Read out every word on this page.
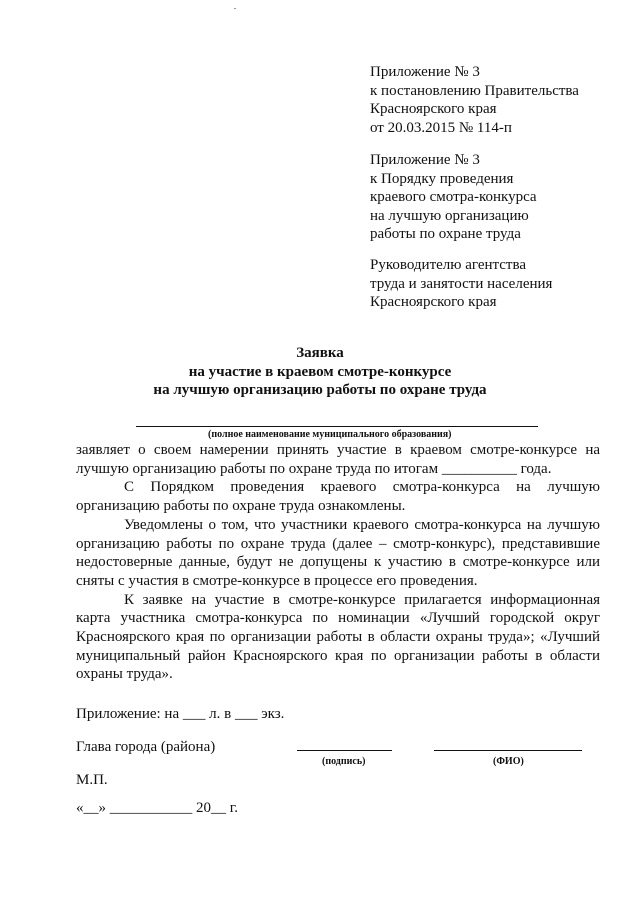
Приложение № 3
к постановлению Правительства
Красноярского края
от 20.03.2015 № 114-п
Приложение № 3
к Порядку проведения
краевого смотра-конкурса
на лучшую организацию
работы по охране труда
Руководителю агентства
труда и занятости населения
Красноярского края
Заявка
на участие в краевом смотре-конкурсе
на лучшую организацию работы по охране труда
(полное наименование муниципального образования)

заявляет о своем намерении принять участие в краевом смотре-конкурсе на лучшую организацию работы по охране труда по итогам __________ года.

С Порядком проведения краевого смотра-конкурса на лучшую организацию работы по охране труда ознакомлены.

Уведомлены о том, что участники краевого смотра-конкурса на лучшую организацию работы по охране труда (далее – смотр-конкурс), представившие недостоверные данные, будут не допущены к участию в смотре-конкурсе или сняты с участия в смотре-конкурсе в процессе его проведения.

К заявке на участие в смотре-конкурсе прилагается информационная карта участника смотра-конкурса по номинации «Лучший городской округ Красноярского края по организации работы в области охраны труда»; «Лучший муниципальный район Красноярского края по организации работы в области охраны труда».

Приложение: на ___ л. в ___ экз.
Глава города (района)
(подпись)	(ФИО)
М.П.
«__» ___________ 20__ г.
